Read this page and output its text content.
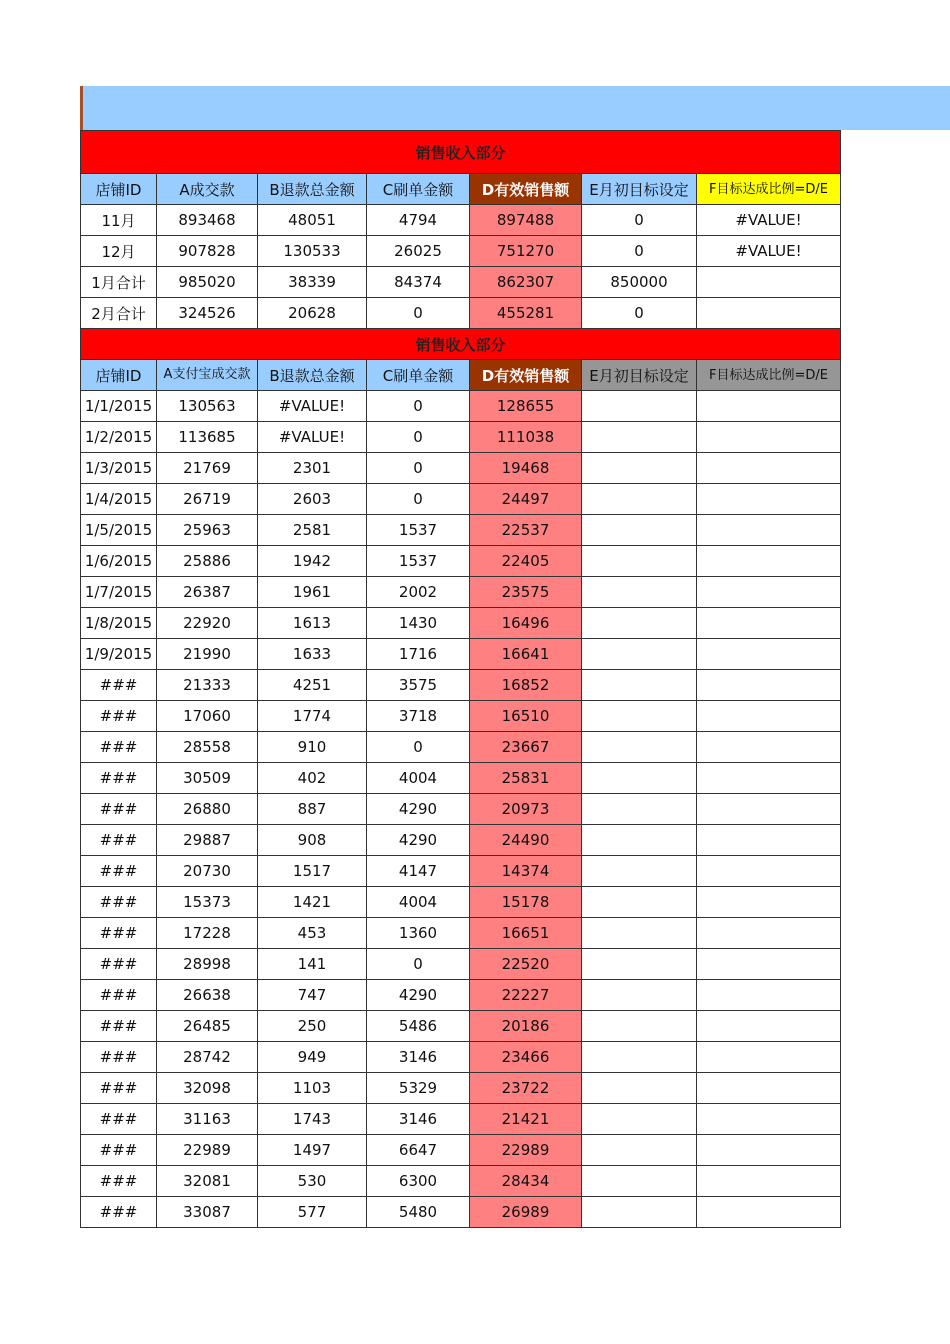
销售收入部分						
店铺ID	A成交款	B退款总金额	C刷单金额	D有效销售额	E月初目标设定	F目标达成比例=D/E
11月	893468	48051	4794	897488	0	#VALUE!
12月	907828	130533	26025	751270	0	#VALUE!
1月合计	985020	38339	84374	862307	850000	
2月合计	324526	20628	0	455281	0	
销售收入部分						
店铺ID	A支付宝成交款	B退款总金额	C刷单金额	D有效销售额	E月初目标设定	F目标达成比例=D/E
1/1/2015	130563	#VALUE!	0	128655		
1/2/2015	113685	#VALUE!	0	111038		
1/3/2015	21769	2301	0	19468		
1/4/2015	26719	2603	0	24497		
1/5/2015	25963	2581	1537	22537		
1/6/2015	25886	1942	1537	22405		
1/7/2015	26387	1961	2002	23575		
1/8/2015	22920	1613	1430	16496		
1/9/2015	21990	1633	1716	16641		
###	21333	4251	3575	16852		
###	17060	1774	3718	16510		
###	28558	910	0	23667		
###	30509	402	4004	25831		
###	26880	887	4290	20973		
###	29887	908	4290	24490		
###	20730	1517	4147	14374		
###	15373	1421	4004	15178		
###	17228	453	1360	16651		
###	28998	141	0	22520		
###	26638	747	4290	22227		
###	26485	250	5486	20186		
###	28742	949	3146	23466		
###	32098	1103	5329	23722		
###	31163	1743	3146	21421		
###	22989	1497	6647	22989		
###	32081	530	6300	28434		
###	33087	577	5480	26989		
